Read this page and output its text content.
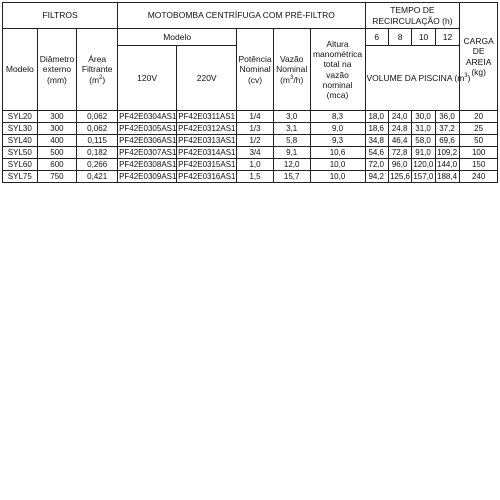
FILTROS			MOTOBOMBA CENTRÍFUGA COM PRÉ-FILTRO					TEMPO DE RECIRCULAÇÃO (h)				CARGA DE AREIA (kg)
Modelo	Diâmetro externo (mm)	Área Filtrante $(m^2)$	Modelo		Potência Nominal (cv)	Vazão Nominal $(m^3/h)$	Altura manométrica total na vazão nominal (mca)	6	8	10	12	
			120V	220V				VOLUME DA PISCINA $(m^3)$				

SYL20	300	0,062	PF42E0304AS1	PF42E0311AS1	1/4	3,0	8,3	18,0	24,0	30,0	36,0	20
SYL30	300	0,062	PF42E0305AS1	PF42E0312AS1	1/3	3,1	9,0	18,6	24,8	31,0	37,2	25
SYL40	400	0,115	PF42E0306AS1	PF42E0313AS1	1/2	5,8	9,3	34,8	46,4	58,0	69,6	50
SYL50	500	0,182	PF42E0307AS1	PF42E0314AS1	3/4	9,1	10,6	54,6	72,8	91,0	109,2	100
SYL60	600	0,266	PF42E0308AS1	PF42E0315AS1	1,0	12,0	10,0	72,0	96,0	120,0	144,0	150
SYL75	750	0,421	PF42E0309AS1	PF42E0316AS1	1,5	15,7	10,0	94,2	125,6	157,0	188,4	240
